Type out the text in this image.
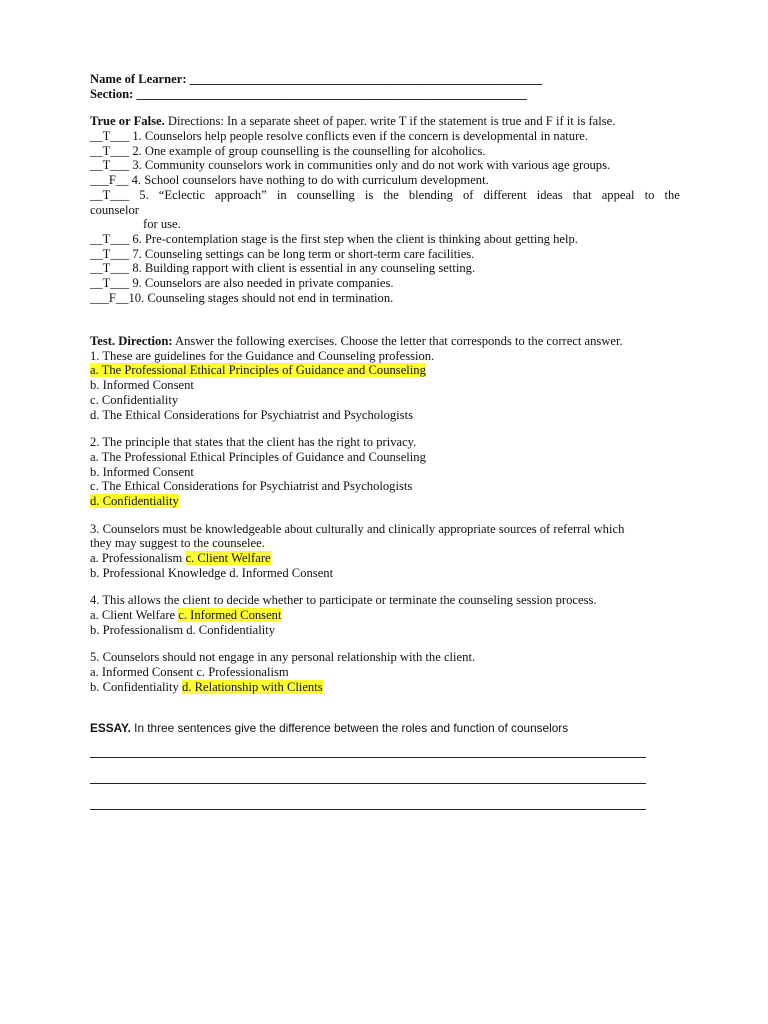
Name of Learner: ________________________________________________________
Section: ______________________________________________________________
True or False. Directions: In a separate sheet of paper. write T if the statement is true and F if it is false.
__T___ 1. Counselors help people resolve conflicts even if the concern is developmental in nature.
__T___ 2. One example of group counselling is the counselling for alcoholics.
__T___ 3. Community counselors work in communities only and do not work with various age groups.
___F__ 4. School counselors have nothing to do with curriculum development.
__T___ 5. “Eclectic approach” in counselling is the blending of different ideas that appeal to the
counselor
for use.
__T___ 6. Pre-contemplation stage is the first step when the client is thinking about getting help.
__T___ 7. Counseling settings can be long term or short-term care facilities.
__T___ 8. Building rapport with client is essential in any counseling setting.
__T___ 9. Counselors are also needed in private companies.
___F__10. Counseling stages should not end in termination.
Test. Direction: Answer the following exercises. Choose the letter that corresponds to the correct answer.
1. These are guidelines for the Guidance and Counseling profession.
a. The Professional Ethical Principles of Guidance and Counseling
b. Informed Consent
c. Confidentiality
d. The Ethical Considerations for Psychiatrist and Psychologists
2. The principle that states that the client has the right to privacy.
a. The Professional Ethical Principles of Guidance and Counseling
b. Informed Consent
c. The Ethical Considerations for Psychiatrist and Psychologists
d. Confidentiality
3. Counselors must be knowledgeable about culturally and clinically appropriate sources of referral which
they may suggest to the counselee.
a. Professionalism c. Client Welfare
b. Professional Knowledge d. Informed Consent
4. This allows the client to decide whether to participate or terminate the counseling session process.
a. Client Welfare c. Informed Consent
b. Professionalism d. Confidentiality
5. Counselors should not engage in any personal relationship with the client.
a. Informed Consent c. Professionalism
b. Confidentiality d. Relationship with Clients
ESSAY. In three sentences give the difference between the roles and function of counselors
